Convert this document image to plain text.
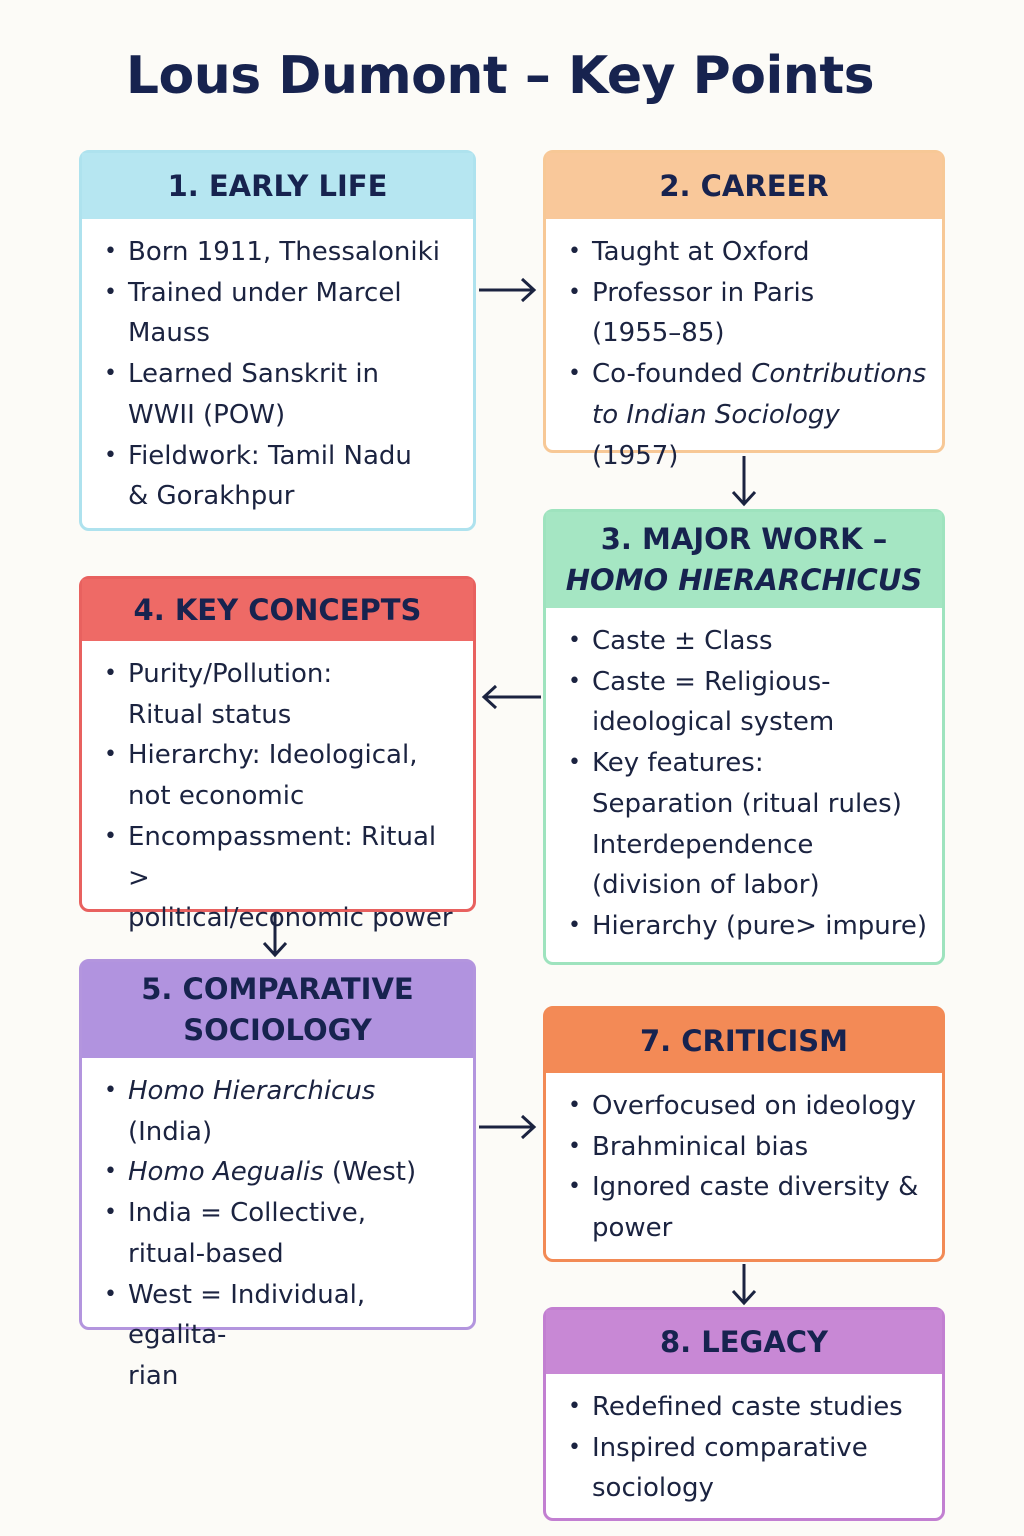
Lous Dumont – Key Points
1. EARLY LIFE
• Born 1911, Thessaloniki
• Trained under Marcel
Mauss
• Learned Sanskrit in
WWII (POW)
• Fieldwork: Tamil Nadu
& Gorakhpur
2. CAREER
• Taught at Oxford
• Professor in Paris
(1955–85)
• Co-founded Contributions
to Indian Sociology (1957)
3. MAJOR WORK –
HOMO HIERARCHICUS
• Caste ± Class
• Caste = Religious-
ideological system
• Key features:
Separation (ritual rules)
Interdependence
(division of labor)
• Hierarchy (pure> impure)
4. KEY CONCEPTS
• Purity/Pollution:
Ritual status
• Hierarchy: Ideological,
not economic
• Encompassment: Ritual >
political/economic power
5. COMPARATIVE
SOCIOLOGY
• Homo Hierarchicus (India)
• Homo Aegualis (West)
• India = Collective,
ritual-based
• West = Individual, egalita-
rian
7. CRITICISM
• Overfocused on ideology
• Brahminical bias
• Ignored caste diversity &
power
8. LEGACY
• Redefined caste studies
• Inspired comparative
sociology
